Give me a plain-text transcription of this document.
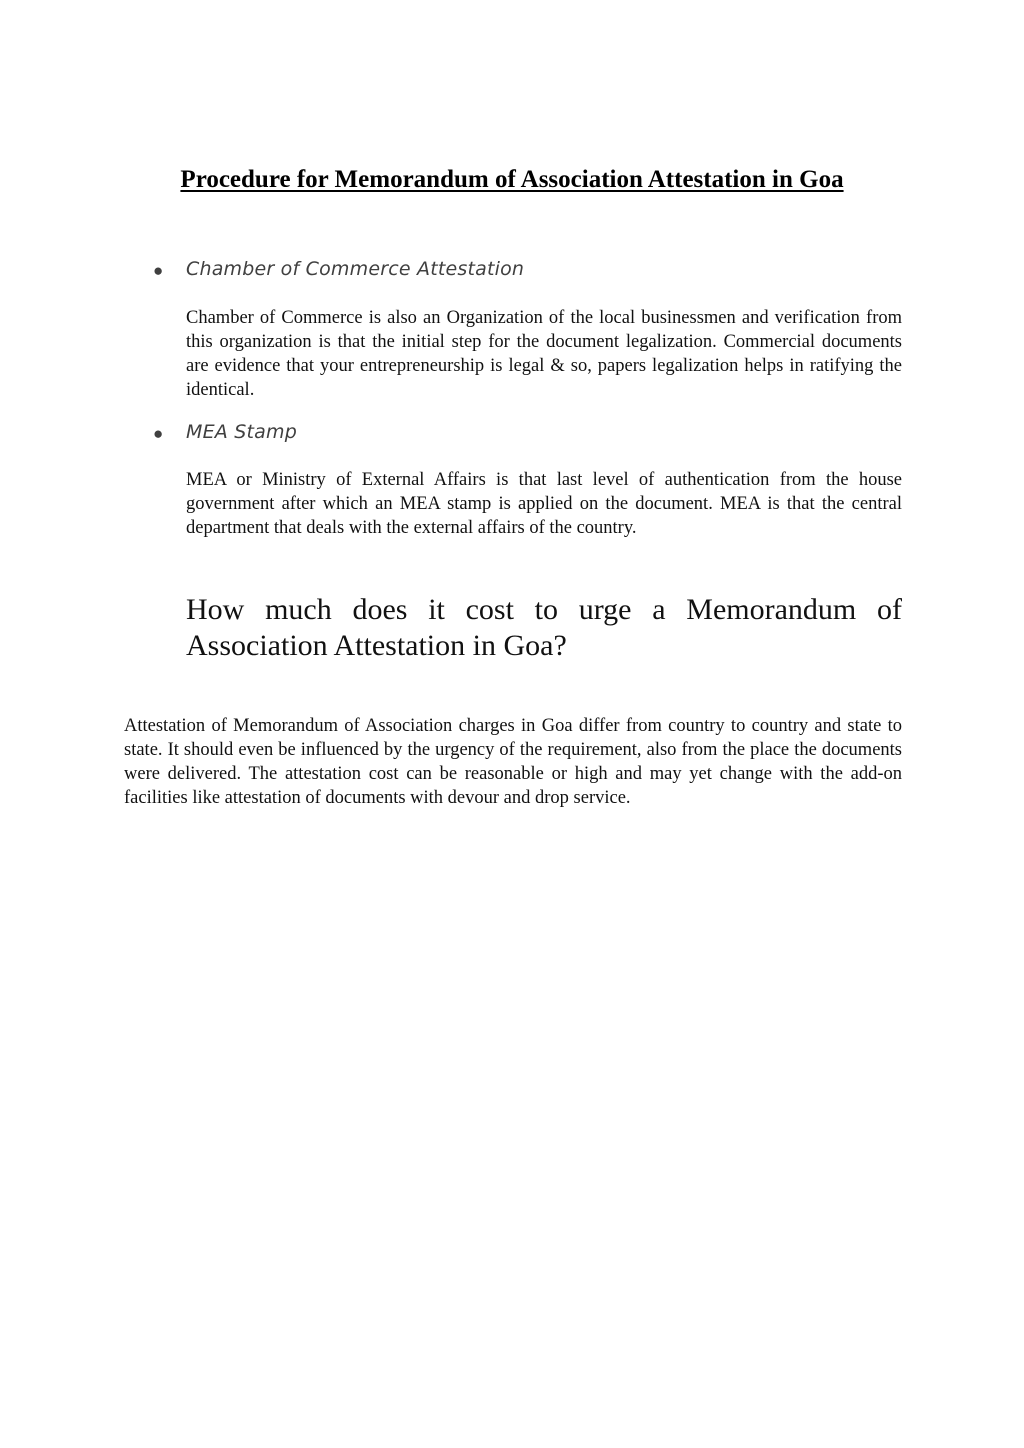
Procedure for Memorandum of Association Attestation in Goa
● Chamber of Commerce Attestation
Chamber of Commerce is also an Organization of the local businessmen and verification from this organization is that the initial step for the document legalization. Commercial documents are evidence that your entrepreneurship is legal & so, papers legalization helps in ratifying the identical.
● MEA Stamp
MEA or Ministry of External Affairs is that last level of authentication from the house government after which an MEA stamp is applied on the document. MEA is that the central department that deals with the external affairs of the country.
How much does it cost to urge a Memorandum of Association Attestation in Goa?
Attestation of Memorandum of Association charges in Goa differ from country to country and state to state. It should even be influenced by the urgency of the requirement, also from the place the documents were delivered. The attestation cost can be reasonable or high and may yet change with the add-on facilities like attestation of documents with devour and drop service.
